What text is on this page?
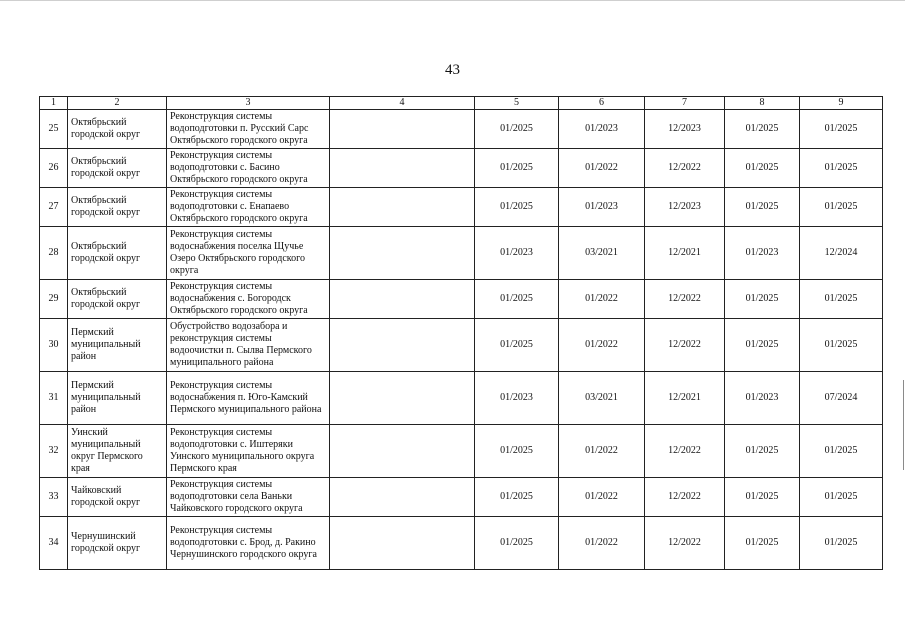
43
1	2	3	4	5	6	7	8	9
25	Октябрьский городской округ	Реконструкция системы водоподготовки п. Русский Сарс Октябрьского городского округа		01/2025	01/2023	12/2023	01/2025	01/2025
26	Октябрьский городской округ	Реконструкция системы водоподготовки с. Басино Октябрьского городского округа		01/2025	01/2022	12/2022	01/2025	01/2025
27	Октябрьский городской округ	Реконструкция системы водоподготовки с. Енапаево Октябрьского городского округа		01/2025	01/2023	12/2023	01/2025	01/2025
28	Октябрьский городской округ	Реконструкция системы водоснабжения поселка Щучье Озеро Октябрьского городского округа		01/2023	03/2021	12/2021	01/2023	12/2024
29	Октябрьский городской округ	Реконструкция системы водоснабжения с. Богородск Октябрьского городского округа		01/2025	01/2022	12/2022	01/2025	01/2025
30	Пермский муниципальный район	Обустройство водозабора и реконструкция системы водоочистки п. Сылва Пермского муниципального района		01/2025	01/2022	12/2022	01/2025	01/2025
31	Пермский муниципальный район	Реконструкция системы водоснабжения п. Юго-Камский Пермского муниципального района		01/2023	03/2021	12/2021	01/2023	07/2024
32	Уинский муниципальный округ Пермского края	Реконструкция системы водоподготовки с. Иштеряки Уинского муниципального округа Пермского края		01/2025	01/2022	12/2022	01/2025	01/2025
33	Чайковский городской округ	Реконструкция системы водоподготовки села Ваньки Чайковского городского округа		01/2025	01/2022	12/2022	01/2025	01/2025
34	Чернушинский городской округ	Реконструкция системы водоподготовки с. Брод, д. Ракино Чернушинского городского округа		01/2025	01/2022	12/2022	01/2025	01/2025
